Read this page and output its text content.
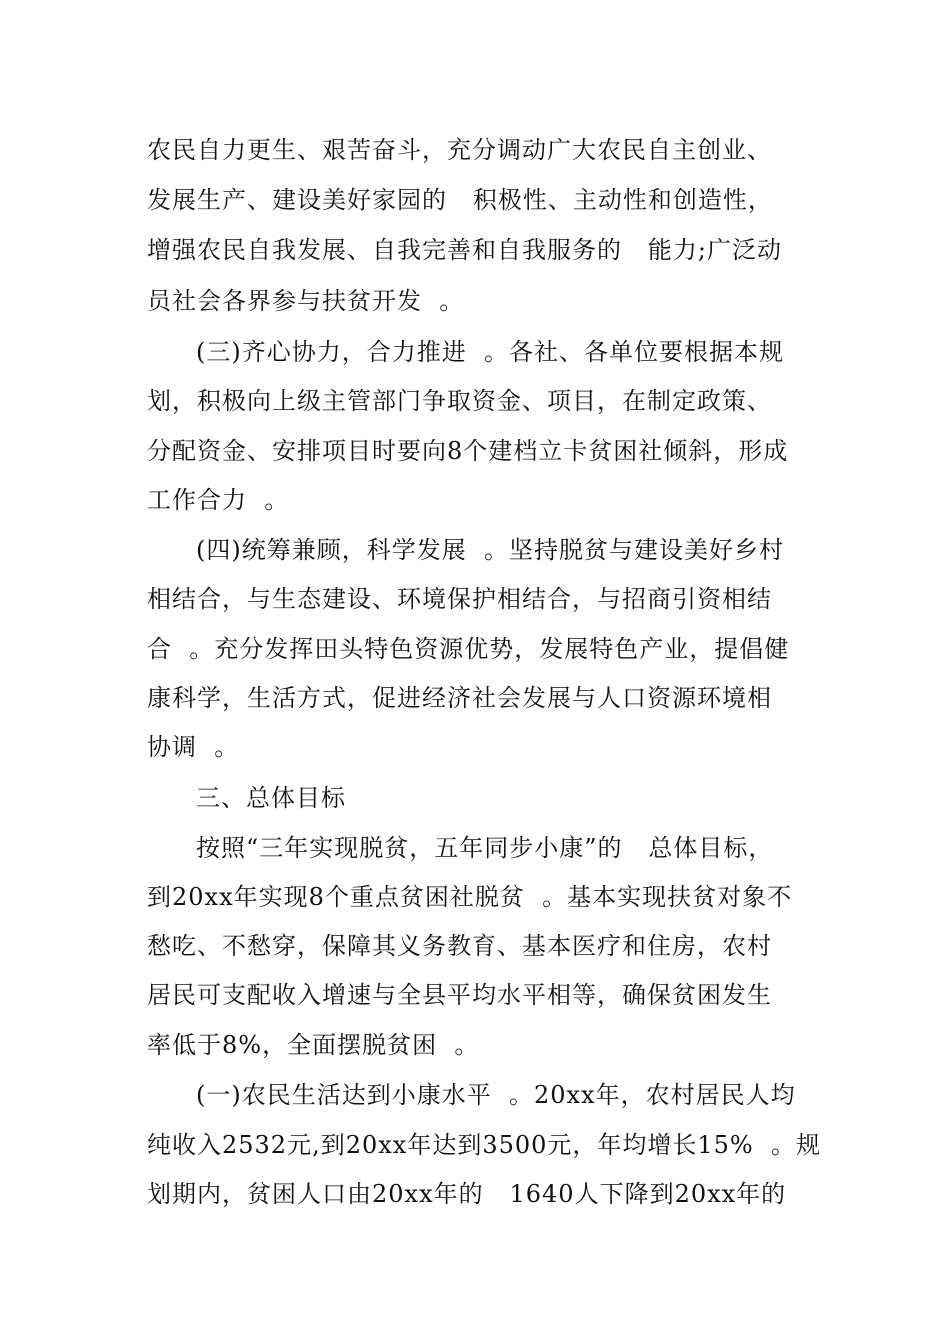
农民自力更生、艰苦奋斗，充分调动广大农民自主创业、
发展生产、建设美好家园的   积极性、主动性和创造性，
增强农民自我发展、自我完善和自我服务的   能力;广泛动
员社会各界参与扶贫开发  。
(三)齐心协力，合力推进  。各社、各单位要根据本规
划，积极向上级主管部门争取资金、项目，在制定政策、
分配资金、安排项目时要向8个建档立卡贫困社倾斜，形成
工作合力  。
(四)统筹兼顾，科学发展  。坚持脱贫与建设美好乡村
相结合，与生态建设、环境保护相结合，与招商引资相结
合  。充分发挥田头特色资源优势，发展特色产业，提倡健
康科学，生活方式，促进经济社会发展与人口资源环境相
协调  。
三、总体目标
按照“三年实现脱贫，五年同步小康”的   总体目标，
到20xx年实现8个重点贫困社脱贫  。基本实现扶贫对象不
愁吃、不愁穿，保障其义务教育、基本医疗和住房，农村
居民可支配收入增速与全县平均水平相等，确保贫困发生
率低于8%，全面摆脱贫困  。
(一)农民生活达到小康水平  。20xx年，农村居民人均
纯收入2532元,到20xx年达到3500元，年均增长15%  。规
划期内，贫困人口由20xx年的   1640人下降到20xx年的
